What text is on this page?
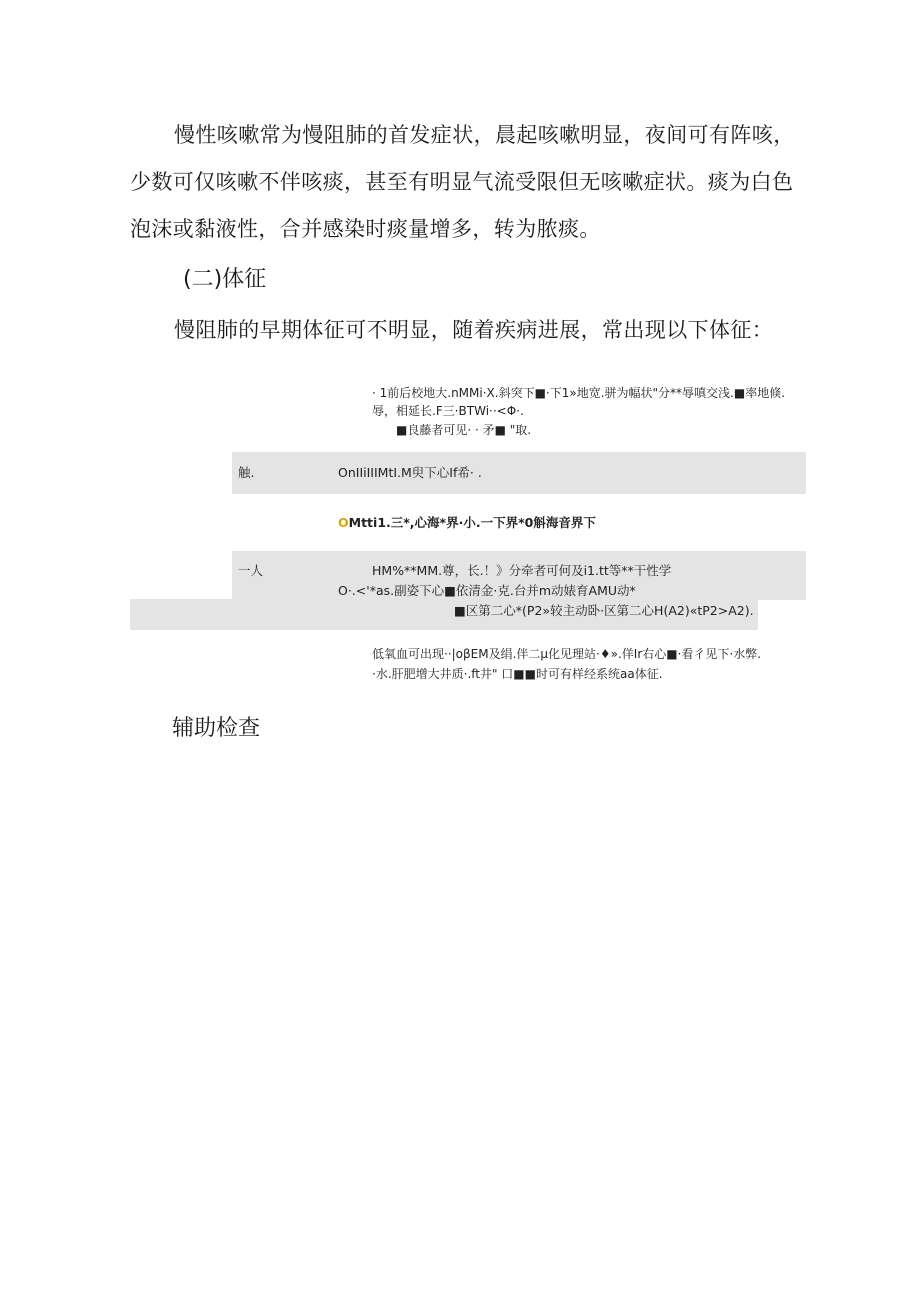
慢性咳嗽常为慢阻肺的首发症状，晨起咳嗽明显，夜间可有阵咳，少数可仅咳嗽不伴咳痰，甚至有明显气流受限但无咳嗽症状。痰为白色泡沫或黏液性，合并感染时痰量增多，转为脓痰。

(二)体征

慢阻肺的早期体征可不明显，随着疾病进展，常出现以下体征：

· 1前后校地大.nMMi·X.斜突下■·下1»地宽.骈为幅状"分**辱嗔交浅.■率地倏.
辱，相延长.F三·BTWi··<Φ·.
■良藤者可见· · 矛■ "取.
触.	OnIIiIIIMtI.M臾下心If希· .
OMtti1.三*,心海*界·小.一下界*0斛海音界下
一人	HM%**MM.尊，长.！》分牵者可何及i1.tt等**干性学
O·.<'*as.副姿下心■依清金·克.台并m动婊育AMU动*
■区第二心*(P2»较主动卧·区第二心H(A2)«tP2>A2).
低氧血可出现··|oβEM及绢.伴二μ化见理站·♦».佯Ir右心■·看彳见下·水弊.
·水.肝肥增大井质·.ft井" 口■■时可有样经系统aa体征.
辅助检查
